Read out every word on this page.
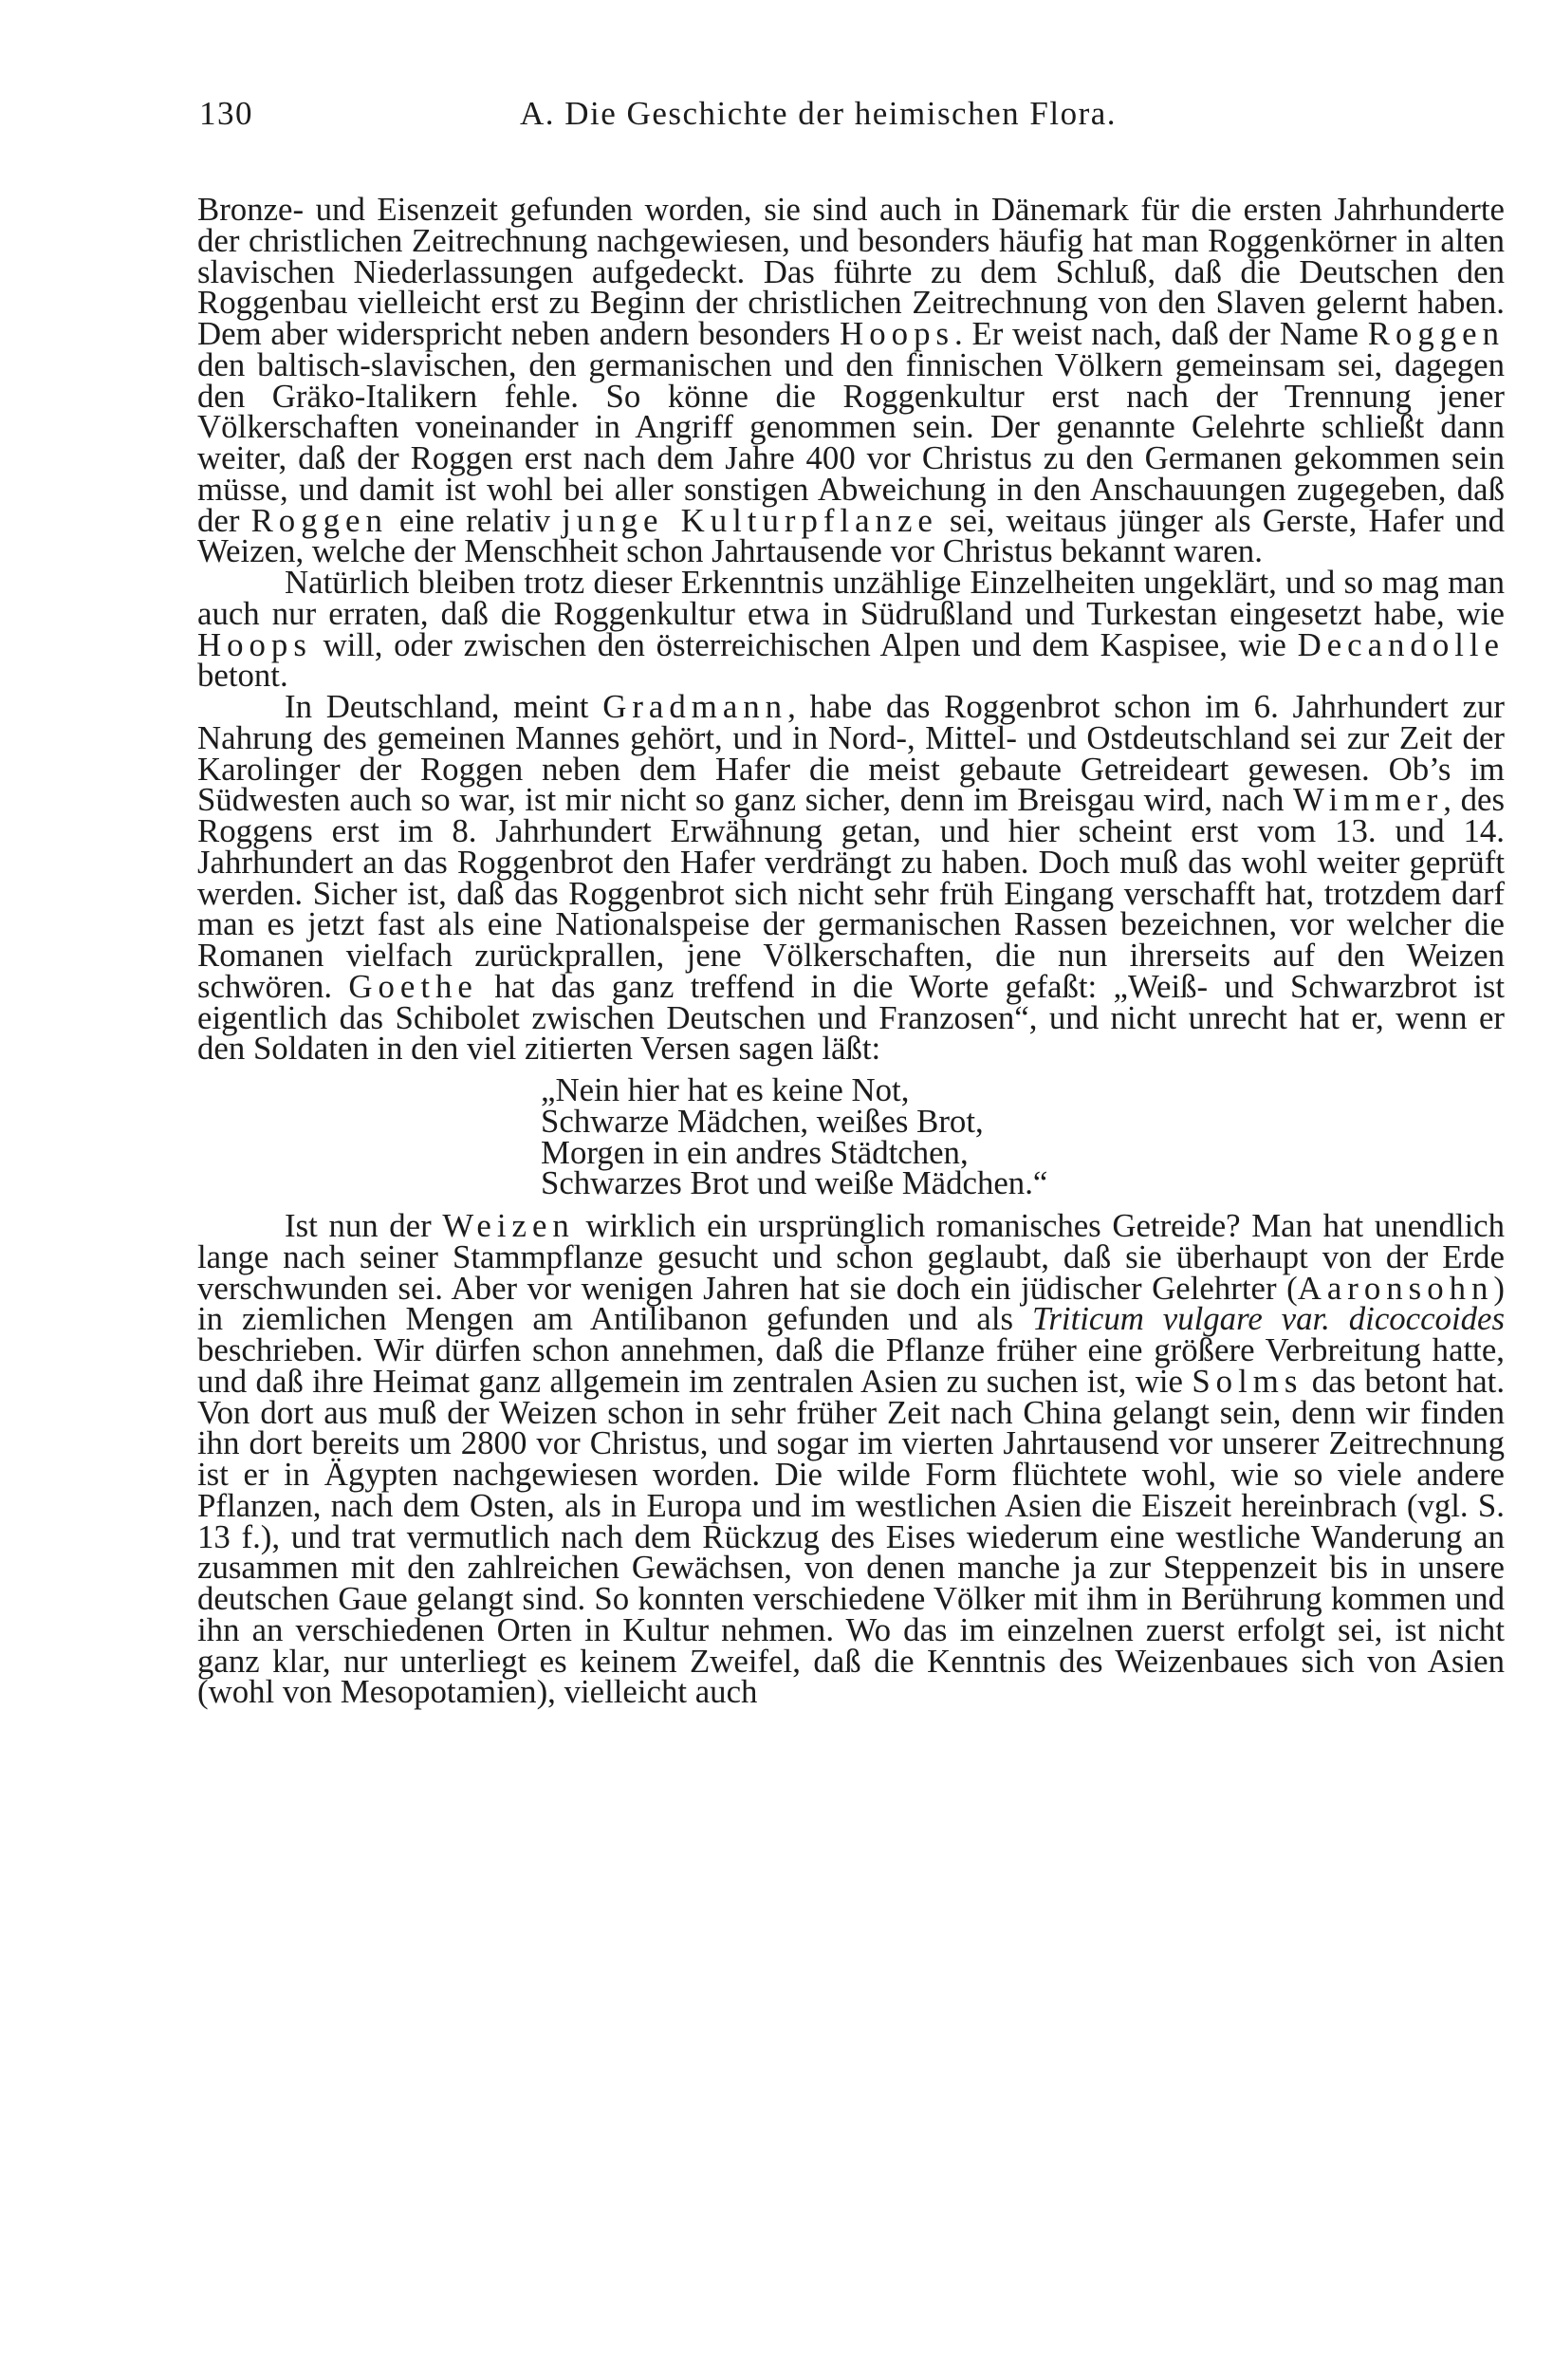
130	A. Die Geschichte der heimischen Flora.

Bronze- und Eisenzeit gefunden worden, sie sind auch in Dänemark für die ersten Jahrhunderte der christlichen Zeitrechnung nachgewiesen, und besonders häufig hat man Roggenkörner in alten slavischen Niederlassungen aufgedeckt. Das führte zu dem Schluß, daß die Deutschen den Roggenbau vielleicht erst zu Beginn der christlichen Zeitrechnung von den Slaven gelernt haben. Dem aber widerspricht neben andern besonders Hoops. Er weist nach, daß der Name Roggen den baltisch-slavischen, den germanischen und den finnischen Völkern gemeinsam sei, dagegen den Gräko-Italikern fehle. So könne die Roggenkultur erst nach der Trennung jener Völkerschaften voneinander in Angriff genommen sein. Der genannte Gelehrte schließt dann weiter, daß der Roggen erst nach dem Jahre 400 vor Christus zu den Germanen gekommen sein müsse, und damit ist wohl bei aller sonstigen Abweichung in den Anschauungen zugegeben, daß der Roggen eine relativ junge Kulturpflanze sei, weitaus jünger als Gerste, Hafer und Weizen, welche der Menschheit schon Jahrtausende vor Christus bekannt waren.

Natürlich bleiben trotz dieser Erkenntnis unzählige Einzelheiten ungeklärt, und so mag man auch nur erraten, daß die Roggenkultur etwa in Südrußland und Turkestan eingesetzt habe, wie Hoops will, oder zwischen den österreichischen Alpen und dem Kaspisee, wie Decandolle betont.

In Deutschland, meint Gradmann, habe das Roggenbrot schon im 6. Jahrhundert zur Nahrung des gemeinen Mannes gehört, und in Nord-, Mittel- und Ostdeutschland sei zur Zeit der Karolinger der Roggen neben dem Hafer die meist gebaute Getreideart gewesen. Ob’s im Südwesten auch so war, ist mir nicht so ganz sicher, denn im Breisgau wird, nach Wimmer, des Roggens erst im 8. Jahrhundert Erwähnung getan, und hier scheint erst vom 13. und 14. Jahrhundert an das Roggenbrot den Hafer verdrängt zu haben. Doch muß das wohl weiter geprüft werden. Sicher ist, daß das Roggenbrot sich nicht sehr früh Eingang verschafft hat, trotzdem darf man es jetzt fast als eine Nationalspeise der germanischen Rassen bezeichnen, vor welcher die Romanen vielfach zurückprallen, jene Völkerschaften, die nun ihrerseits auf den Weizen schwören. Goethe hat das ganz treffend in die Worte gefaßt: „Weiß- und Schwarzbrot ist eigentlich das Schibolet zwischen Deutschen und Franzosen“, und nicht unrecht hat er, wenn er den Soldaten in den viel zitierten Versen sagen läßt:

„Nein hier hat es keine Not,
Schwarze Mädchen, weißes Brot,
Morgen in ein andres Städtchen,
Schwarzes Brot und weiße Mädchen.“

Ist nun der Weizen wirklich ein ursprünglich romanisches Getreide? Man hat unendlich lange nach seiner Stammpflanze gesucht und schon geglaubt, daß sie überhaupt von der Erde verschwunden sei. Aber vor wenigen Jahren hat sie doch ein jüdischer Gelehrter (Aaronsohn) in ziemlichen Mengen am Antilibanon gefunden und als Triticum vulgare var. dicoccoides beschrieben. Wir dürfen schon annehmen, daß die Pflanze früher eine größere Verbreitung hatte, und daß ihre Heimat ganz allgemein im zentralen Asien zu suchen ist, wie Solms das betont hat. Von dort aus muß der Weizen schon in sehr früher Zeit nach China gelangt sein, denn wir finden ihn dort bereits um 2800 vor Christus, und sogar im vierten Jahrtausend vor unserer Zeitrechnung ist er in Ägypten nachgewiesen worden. Die wilde Form flüchtete wohl, wie so viele andere Pflanzen, nach dem Osten, als in Europa und im westlichen Asien die Eiszeit hereinbrach (vgl. S. 13 f.), und trat vermutlich nach dem Rückzug des Eises wiederum eine westliche Wanderung an zusammen mit den zahlreichen Gewächsen, von denen manche ja zur Steppenzeit bis in unsere deutschen Gaue gelangt sind. So konnten verschiedene Völker mit ihm in Berührung kommen und ihn an verschiedenen Orten in Kultur nehmen. Wo das im einzelnen zuerst erfolgt sei, ist nicht ganz klar, nur unterliegt es keinem Zweifel, daß die Kenntnis des Weizenbaues sich von Asien (wohl von Mesopotamien), vielleicht auch
